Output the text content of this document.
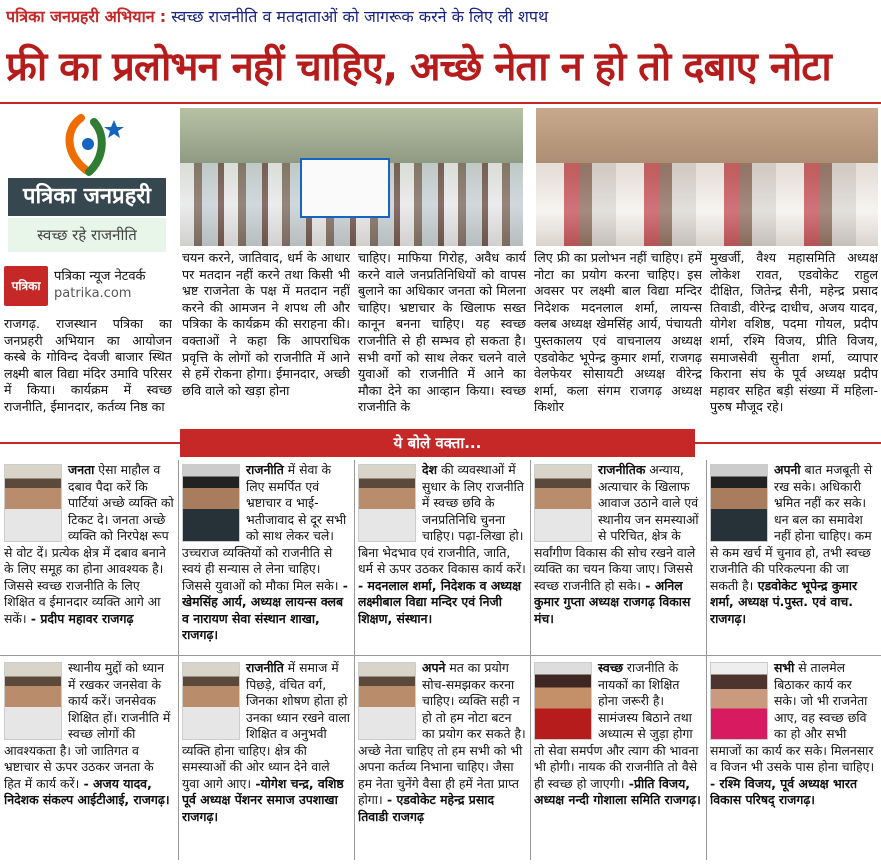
पत्रिका जनप्रहरी अभियान : स्वच्छ राजनीति व मतदाताओं को जागरूक करने के लिए ली शपथ
फ्री का प्रलोभन नहीं चाहिए, अच्छे नेता न हो तो दबाए नोटा
पत्रिका जनप्रहरी
स्वच्छ रहे राजनीति
पत्रिका
पत्रिका न्यूज नेटवर्क
patrika.com
राजगढ़. राजस्थान पत्रिका का जनप्रहरी अभियान का आयोजन कस्बे के गोविन्द देवजी बाजार स्थित लक्ष्मी बाल विद्या मंदिर उमावि परिसर में किया। कार्यक्रम में स्वच्छ राजनीति, ईमानदार, कर्तव्य निष्ठ का
चयन करने, जातिवाद, धर्म के आधार पर मतदान नहीं करने तथा किसी भी भ्रष्ट राजनेता के पक्ष में मतदान नहीं करने की आमजन ने शपथ ली और पत्रिका के कार्यक्रम की सराहना की। वक्ताओं ने कहा कि आपराधिक प्रवृत्ति के लोगों को राजनीति में आने से हमें रोकना होगा। ईमानदार, अच्छी छवि वाले को खड़ा होना
चाहिए। माफिया गिरोह, अवैध कार्य करने वाले जनप्रतिनिधियों को वापस बुलाने का अधिकार जनता को मिलना चाहिए। भ्रष्टाचार के खिलाफ सख्त कानून बनना चाहिए। यह स्वच्छ राजनीति से ही सम्भव हो सकता है। सभी वर्गो को साथ लेकर चलने वाले युवाओं को राजनीति में आने का मौका देने का आव्हान किया। स्वच्छ राजनीति के
लिए फ्री का प्रलोभन नहीं चाहिए। हमें नोटा का प्रयोग करना चाहिए। इस अवसर पर लक्ष्मी बाल विद्या मन्दिर निदेशक मदनलाल शर्मा, लायन्स क्लब अध्यक्ष खेमसिंह आर्य, पंचायती पुस्तकालय एवं वाचनालय अध्यक्ष एडवोकेट भूपेन्द्र कुमार शर्मा, राजगढ़ वेलफेयर सोसायटी अध्यक्ष वीरेन्द्र शर्मा, कला संगम राजगढ़ अध्यक्ष किशोर
मुखर्जी, वैश्य महासमिति अध्यक्ष लोकेश रावत, एडवोकेट राहुल दीक्षित, जितेन्द्र सैनी, महेन्द्र प्रसाद तिवाडी, वीरेन्द्र दाधीच, अजय यादव, योगेश वशिष्ठ, पदमा गोयल, प्रदीप शर्मा, रश्मि विजय, प्रीति विजय, समाजसेवी सुनीता शर्मा, व्यापार किराना संघ के पूर्व अध्यक्ष प्रदीप महावर सहित बड़ी संख्या में महिला-पुरुष मौजूद रहे।
ये बोले वक्ता...
जनता ऐसा माहौल व दबाव पैदा करें कि पार्टियां अच्छे व्यक्ति को टिकट दे। जनता अच्छे व्यक्ति को निरपेक्ष रूप से वोट दें। प्रत्येक क्षेत्र में दबाव बनाने के लिए समूह का होना आवश्यक है। जिससे स्वच्छ राजनीति के लिए शिक्षित व ईमानदार व्यक्ति आगे आ सकें। - प्रदीप महावर राजगढ़
राजनीति में सेवा के लिए समर्पित एवं भ्रष्टाचार व भाई-भतीजावाद से दूर सभी को साथ लेकर चले। उच्चराज व्यक्तियों को राजनीति से स्वयं ही सन्यास ले लेना चाहिए। जिससे युवाओं को मौका मिल सके। - खेमसिंह आर्य, अध्यक्ष लायन्स क्लब व नारायण सेवा संस्थान शाखा, राजगढ़।
देश की व्यवस्थाओं में सुधार के लिए राजनीति में स्वच्छ छवि के जनप्रतिनिधि चुनना चाहिए। पढ़ा-लिखा हो। बिना भेदभाव एवं राजनीति, जाति, धर्म से ऊपर उठकर विकास कार्य करें। - मदनलाल शर्मा, निदेशक व अध्यक्ष लक्ष्मीबाल विद्या मन्दिर एवं निजी शिक्षण, संस्थान।
राजनीतिक अन्याय, अत्याचार के खिलाफ आवाज उठाने वाले एवं स्थानीय जन समस्याओं से परिचित, क्षेत्र के सर्वांगीण विकास की सोच रखने वाले व्यक्ति का चयन किया जाए। जिससे स्वच्छ राजनीति हो सके। - अनिल कुमार गुप्ता अध्यक्ष राजगढ़ विकास मंच।
अपनी बात मजबूती से रख सके। अधिकारी भ्रमित नहीं कर सके। धन बल का समावेश नहीं होना चाहिए। कम से कम खर्च में चुनाव हो, तभी स्वच्छ राजनीति की परिकल्पना की जा सकती है। एडवोकेट भूपेन्द्र कुमार शर्मा, अध्यक्ष पं.पुस्त. एवं वाच. राजगढ़।
स्थानीय मुद्दों को ध्यान में रखकर जनसेवा के कार्य करें। जनसेवक शिक्षित हों। राजनीति में स्वच्छ लोगों की आवश्यकता है। जो जातिगत व भ्रष्टाचार से ऊपर उठकर जनता के हित में कार्य करें। - अजय यादव, निदेशक संकल्प आईटीआई, राजगढ़।
राजनीति में समाज में पिछड़े, वंचित वर्ग, जिनका शोषण होता हो उनका ध्यान रखने वाला शिक्षित व अनुभवी व्यक्ति होना चाहिए। क्षेत्र की समस्याओं की ओर ध्यान देने वाले युवा आगे आए। -योगेश चन्द्र, वशिष्ठ पूर्व अध्यक्ष पेंशनर समाज उपशाखा राजगढ़।
अपने मत का प्रयोग सोच-समझकर करना चाहिए। व्यक्ति सही न हो तो हम नोटा बटन का प्रयोग कर सकते है। अच्छे नेता चाहिए तो हम सभी को भी अपना कर्तव्य निभाना चाहिए। जैसा हम नेता चुनेंगे वैसा ही हमें नेता प्राप्त होगा। - एडवोकेट महेन्द्र प्रसाद तिवाडी राजगढ़
स्वच्छ राजनीति के नायकों का शिक्षित होना जरूरी है। सामंजस्य बिठाने तथा अध्यात्म से जुड़ा होगा तो सेवा समर्पण और त्याग की भावना भी होगी। नायक की राजनीति तो वैसे ही स्वच्छ हो जाएगी। -प्रीति विजय, अध्यक्ष नन्दी गोशाला समिति राजगढ़।
सभी से तालमेल बिठाकर कार्य कर सके। जो भी राजनेता आए, वह स्वच्छ छवि का हो और सभी समाजों का कार्य कर सके। मिलनसार व विजन भी उसके पास होना चाहिए। - रश्मि विजय, पूर्व अध्यक्ष भारत विकास परिषद् राजगढ़।
